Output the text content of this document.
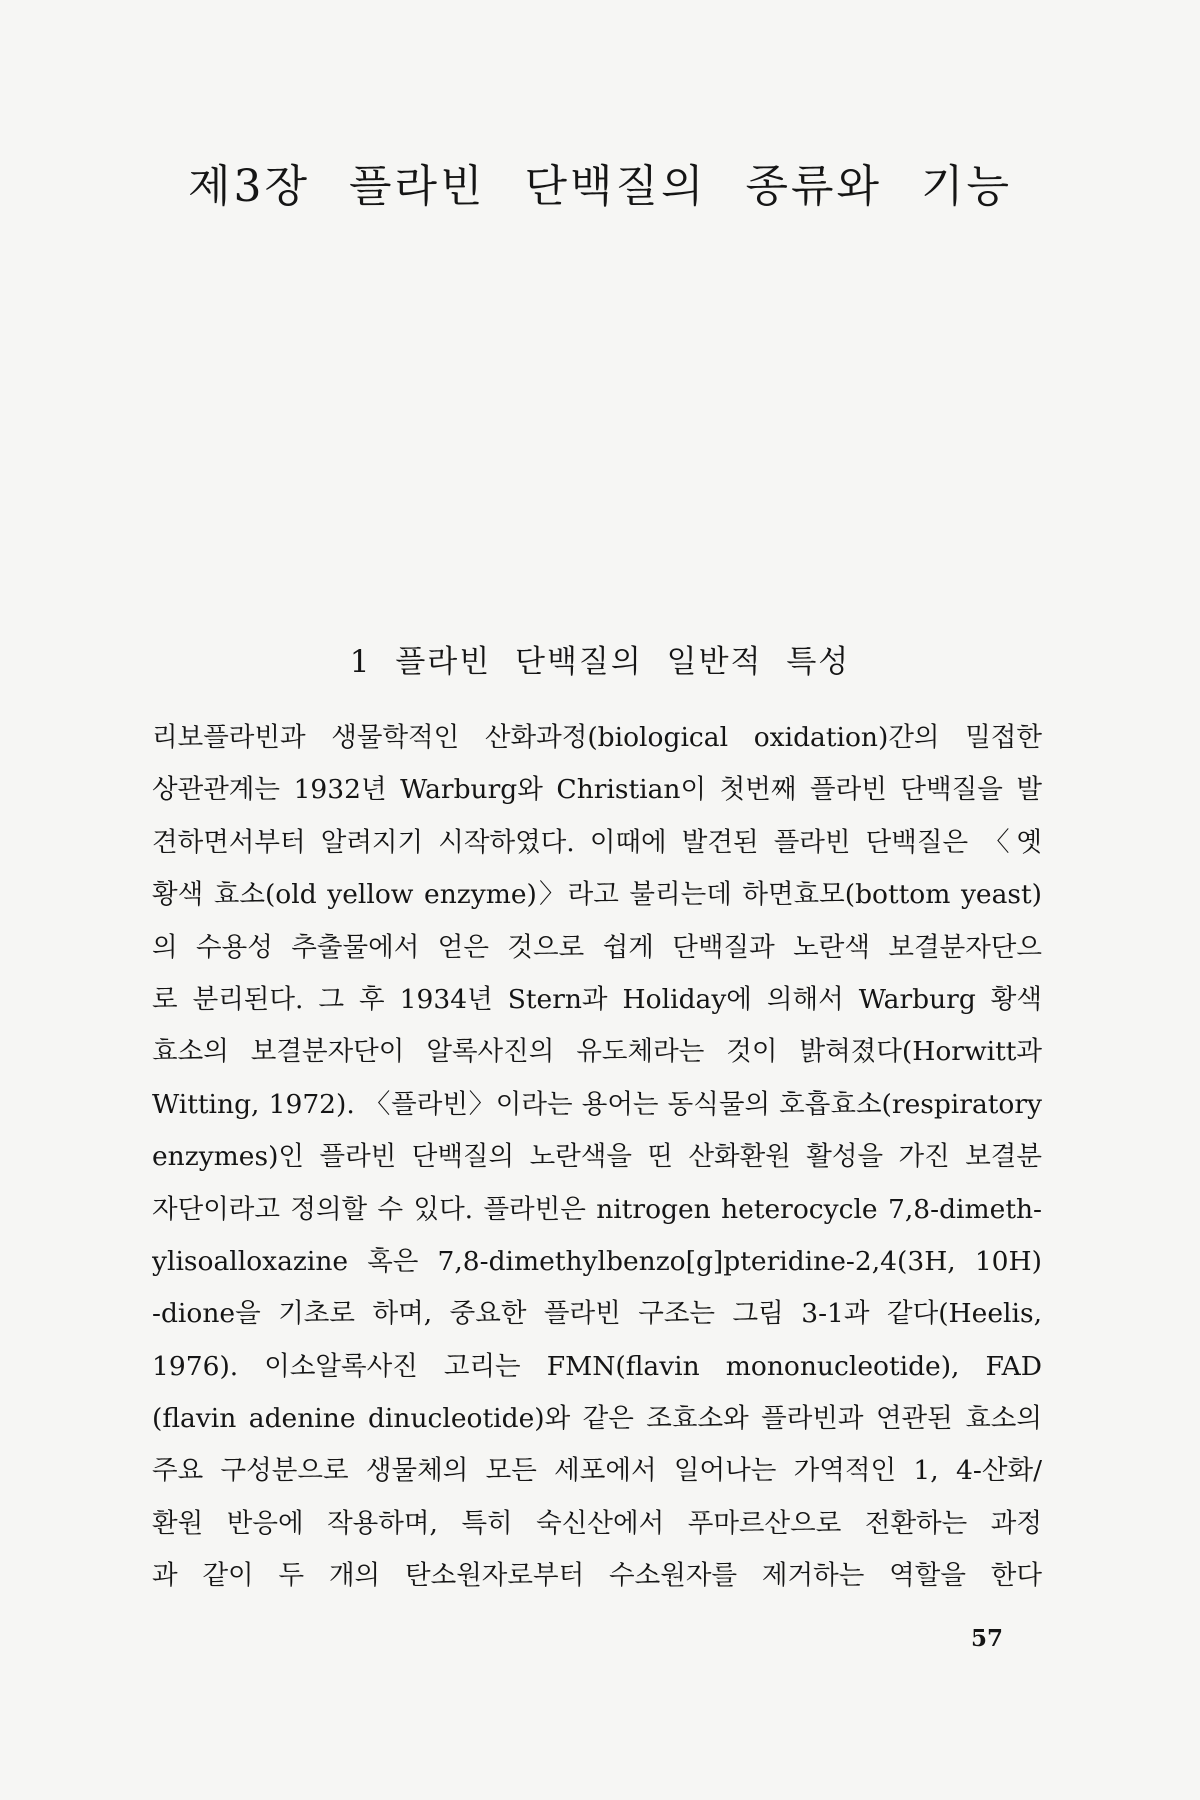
제3장 플라빈 단백질의 종류와 기능
1 플라빈 단백질의 일반적 특성
리보플라빈과 생물학적인 산화과정(biological oxidation)간의 밀접한
상관관계는 1932년 Warburg와 Christian이 첫번째 플라빈 단백질을 발
견하면서부터 알려지기 시작하였다. 이때에 발견된 플라빈 단백질은 〈옛
황색 효소(old yellow enzyme)〉라고 불리는데 하면효모(bottom yeast)
의 수용성 추출물에서 얻은 것으로 쉽게 단백질과 노란색 보결분자단으
로 분리된다. 그 후 1934년 Stern과 Holiday에 의해서 Warburg 황색
효소의 보결분자단이 알록사진의 유도체라는 것이 밝혀졌다(Horwitt과
Witting, 1972). 〈플라빈〉이라는 용어는 동식물의 호흡효소(respiratory
enzymes)인 플라빈 단백질의 노란색을 띤 산화환원 활성을 가진 보결분
자단이라고 정의할 수 있다. 플라빈은 nitrogen heterocycle 7,8-dimeth-
ylisoalloxazine 혹은 7,8-dimethylbenzo[g]pteridine-2,4(3H, 10H)
-dione을 기초로 하며, 중요한 플라빈 구조는 그림 3-1과 같다(Heelis,
1976). 이소알록사진 고리는 FMN(flavin mononucleotide), FAD
(flavin adenine dinucleotide)와 같은 조효소와 플라빈과 연관된 효소의
주요 구성분으로 생물체의 모든 세포에서 일어나는 가역적인 1, 4-산화/
환원 반응에 작용하며, 특히 숙신산에서 푸마르산으로 전환하는 과정
과 같이 두 개의 탄소원자로부터 수소원자를 제거하는 역할을 한다
57
